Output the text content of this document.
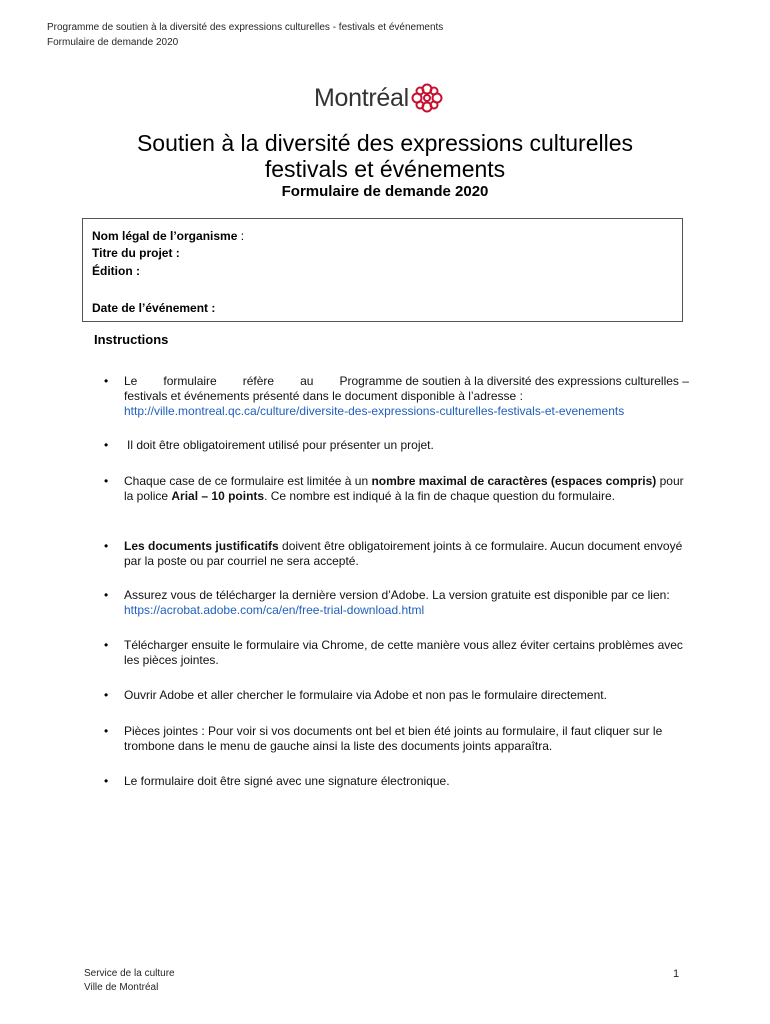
Programme de soutien à la diversité des expressions culturelles - festivals et événements
Formulaire de demande 2020
Montréal
Soutien à la diversité des expressions culturelles
festivals et événements
Formulaire de demande 2020
Nom légal de l’organisme :
Titre du projet :
Édition :
Date de l’événement :
Instructions
•	Le formulaire réfère au Programme de soutien à la diversité des expressions culturelles –
festivals et événements présenté dans le document disponible à l’adresse :
http://ville.montreal.qc.ca/culture/diversite-des-expressions-culturelles-festivals-et-evenements
•	Il doit être obligatoirement utilisé pour présenter un projet.
•	Chaque case de ce formulaire est limitée à un nombre maximal de caractères (espaces compris) pour la police Arial – 10 points. Ce nombre est indiqué à la fin de chaque question du formulaire.
•	Les documents justificatifs doivent être obligatoirement joints à ce formulaire. Aucun document envoyé par la poste ou par courriel ne sera accepté.
•	Assurez vous de télécharger la dernière version d’Adobe. La version gratuite est disponible par ce lien: https://acrobat.adobe.com/ca/en/free-trial-download.html
•	Télécharger ensuite le formulaire via Chrome, de cette manière vous allez éviter certains problèmes avec les pièces jointes.
•	Ouvrir Adobe et aller chercher le formulaire via Adobe et non pas le formulaire directement.
•	Pièces jointes : Pour voir si vos documents ont bel et bien été joints au formulaire, il faut cliquer sur le trombone dans le menu de gauche ainsi la liste des documents joints apparaîtra.
•	Le formulaire doit être signé avec une signature électronique.
Service de la culture
Ville de Montréal
1
